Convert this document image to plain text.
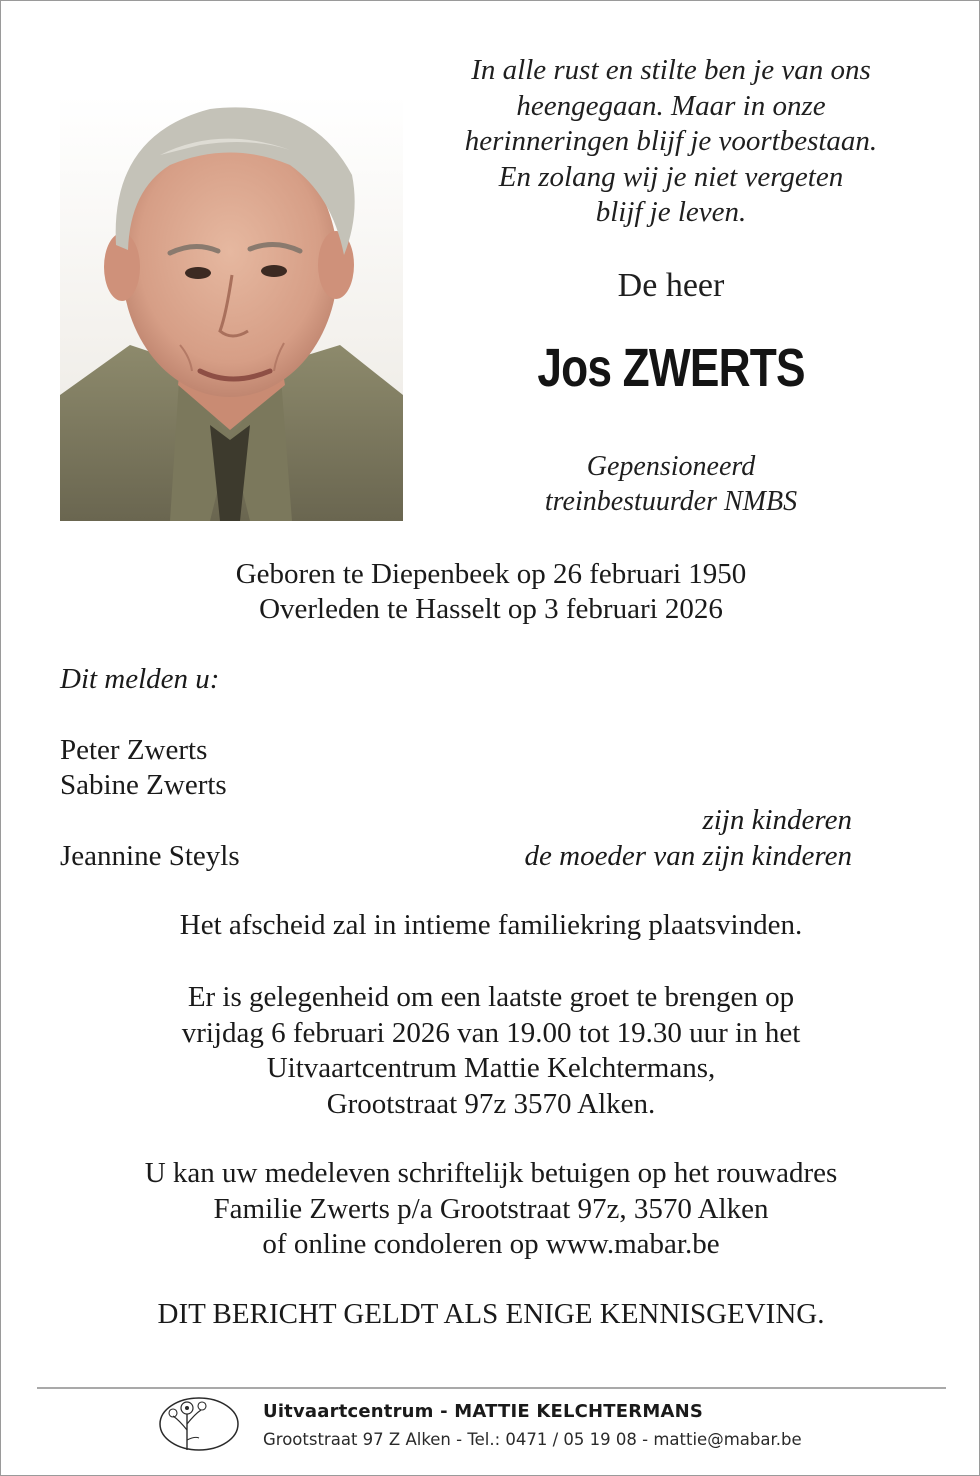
In alle rust en stilte ben je van ons
heengegaan. Maar in onze
herinneringen blijf je voortbestaan.
En zolang wij je niet vergeten
blijf je leven.
De heer
Jos ZWERTS
Gepensioneerd
treinbestuurder NMBS
Geboren te Diepenbeek op 26 februari 1950
Overleden te Hasselt op 3 februari 2026
Dit melden u:
Peter Zwerts
Sabine Zwerts
zijn kinderen
Jeannine Steyls	de moeder van zijn kinderen
Het afscheid zal in intieme familiekring plaatsvinden.
Er is gelegenheid om een laatste groet te brengen op
vrijdag 6 februari 2026 van 19.00 tot 19.30 uur in het
Uitvaartcentrum Mattie Kelchtermans,
Grootstraat 97z 3570 Alken.
U kan uw medeleven schriftelijk betuigen op het rouwadres
Familie Zwerts p/a Grootstraat 97z, 3570 Alken
of online condoleren op www.mabar.be
DIT BERICHT GELDT ALS ENIGE KENNISGEVING.
Uitvaartcentrum - MATTIE KELCHTERMANS
Grootstraat 97 Z Alken - Tel.: 0471 / 05 19 08 - mattie@mabar.be
